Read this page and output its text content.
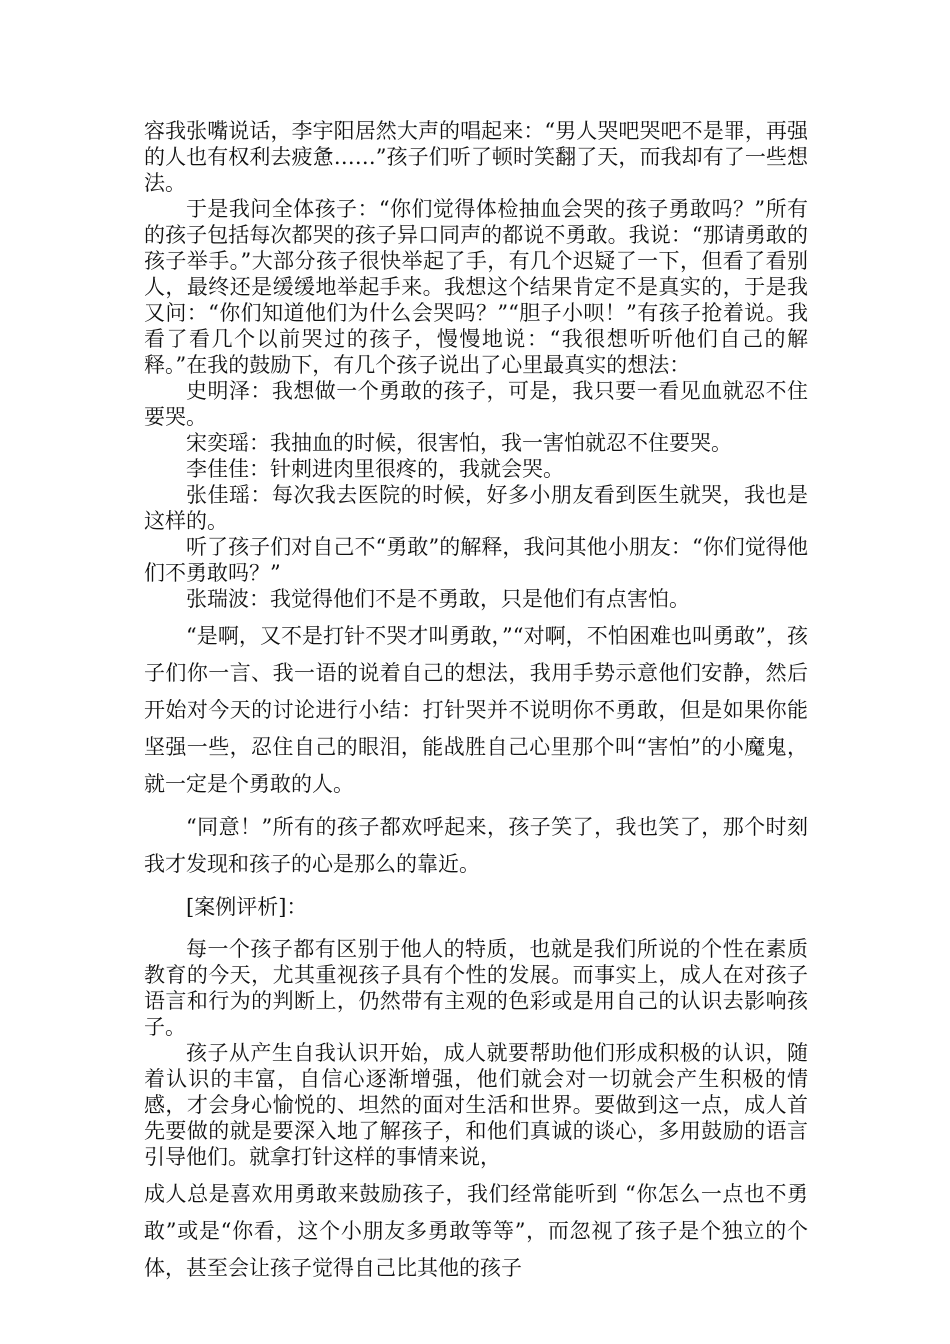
容我张嘴说话，李宇阳居然大声的唱起来：“男人哭吧哭吧不是罪，再强的人也有权利去疲惫……”孩子们听了顿时笑翻了天，而我却有了一些想法。

于是我问全体孩子：“你们觉得体检抽血会哭的孩子勇敢吗？”所有的孩子包括每次都哭的孩子异口同声的都说不勇敢。我说：“那请勇敢的孩子举手。”大部分孩子很快举起了手，有几个迟疑了一下，但看了看别人，最终还是缓缓地举起手来。我想这个结果肯定不是真实的，于是我又问：“你们知道他们为什么会哭吗？”“胆子小呗！”有孩子抢着说。我看了看几个以前哭过的孩子，慢慢地说：“我很想听听他们自己的解释。”在我的鼓励下，有几个孩子说出了心里最真实的想法：

史明泽：我想做一个勇敢的孩子，可是，我只要一看见血就忍不住要哭。

宋奕瑶：我抽血的时候，很害怕，我一害怕就忍不住要哭。

李佳佳：针刺进肉里很疼的，我就会哭。

张佳瑶：每次我去医院的时候，好多小朋友看到医生就哭，我也是这样的。

听了孩子们对自己不“勇敢”的解释，我问其他小朋友：“你们觉得他们不勇敢吗？”

张瑞波：我觉得他们不是不勇敢，只是他们有点害怕。

“是啊，又不是打针不哭才叫勇敢，”“对啊，不怕困难也叫勇敢”，孩子们你一言、我一语的说着自己的想法，我用手势示意他们安静，然后开始对今天的讨论进行小结：打针哭并不说明你不勇敢，但是如果你能坚强一些，忍住自己的眼泪，能战胜自己心里那个叫“害怕”的小魔鬼，就一定是个勇敢的人。

“同意！”所有的孩子都欢呼起来，孩子笑了，我也笑了，那个时刻我才发现和孩子的心是那么的靠近。

[案例评析]：

每一个孩子都有区别于他人的特质，也就是我们所说的个性在素质教育的今天，尤其重视孩子具有个性的发展。而事实上，成人在对孩子语言和行为的判断上，仍然带有主观的色彩或是用自己的认识去影响孩子。

孩子从产生自我认识开始，成人就要帮助他们形成积极的认识，随着认识的丰富，自信心逐渐增强，他们就会对一切就会产生积极的情感，才会身心愉悦的、坦然的面对生活和世界。要做到这一点，成人首先要做的就是要深入地了解孩子，和他们真诚的谈心，多用鼓励的语言引导他们。就拿打针这样的事情来说，

成人总是喜欢用勇敢来鼓励孩子，我们经常能听到 “你怎么一点也不勇敢”或是“你看，这个小朋友多勇敢等等”，而忽视了孩子是个独立的个体，甚至会让孩子觉得自己比其他的孩子
